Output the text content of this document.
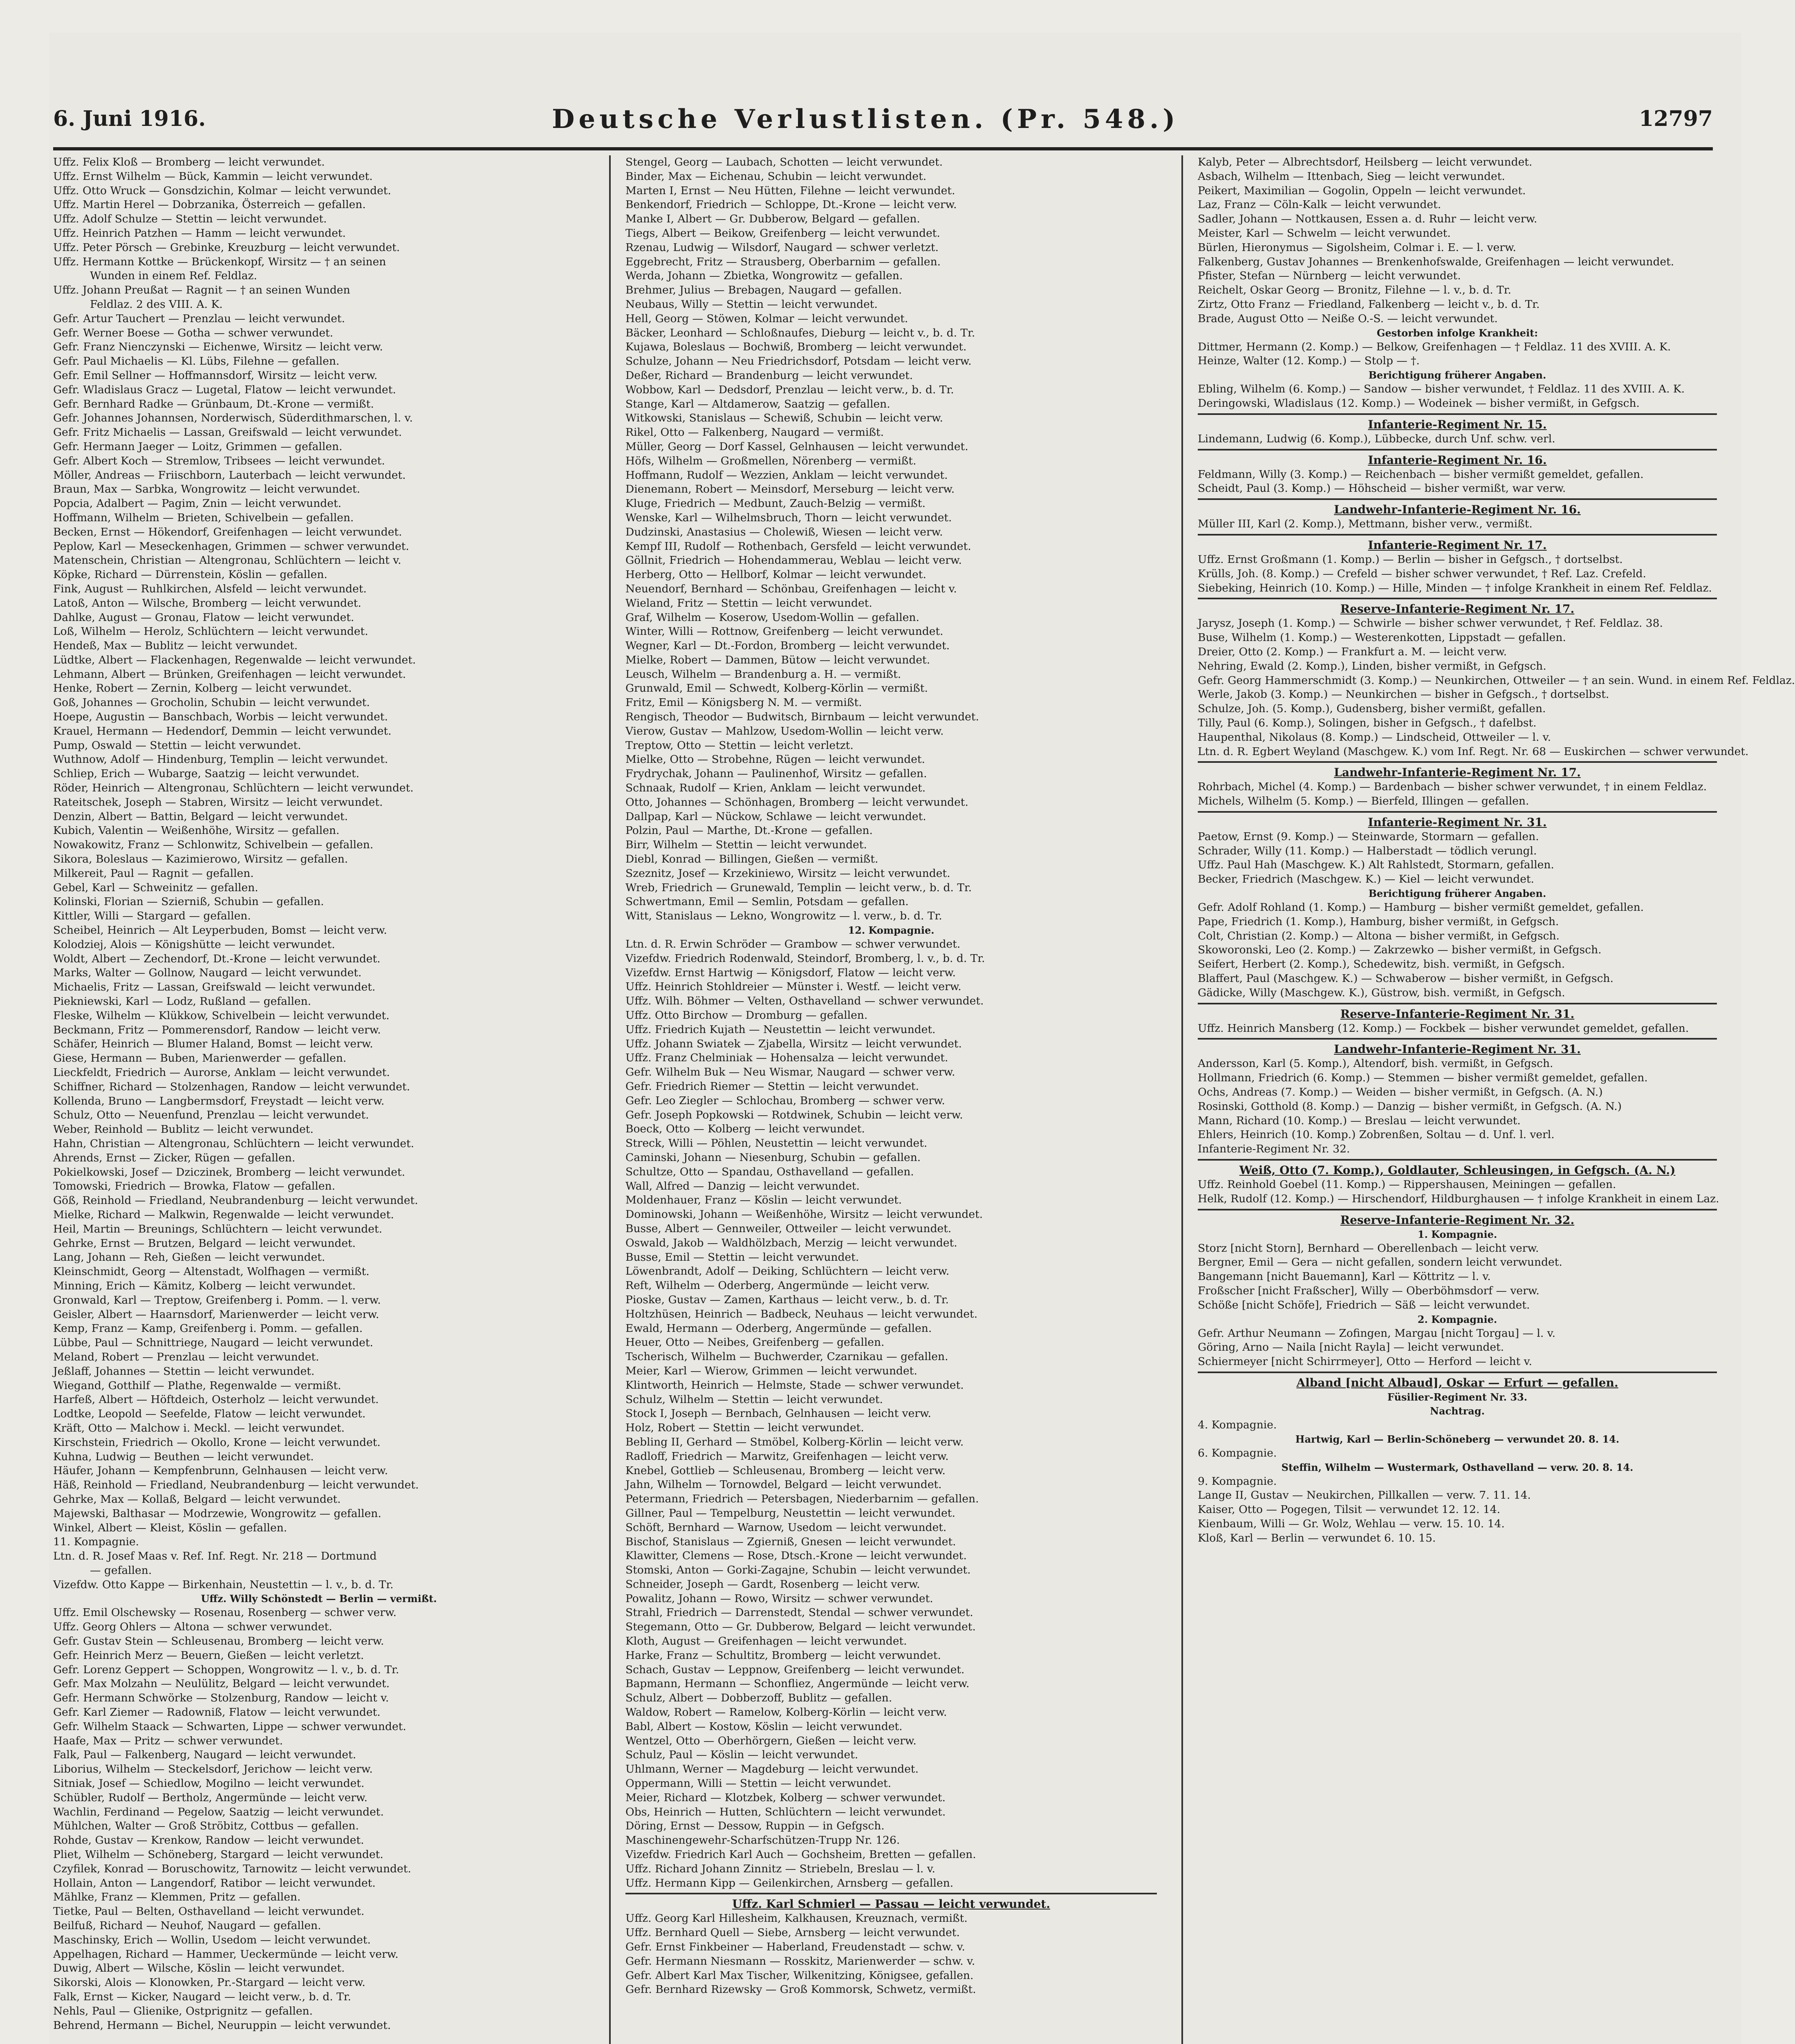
6. Juni 1916.	Deutsche Verlustlisten. (Pr. 548.)	12797
Uffz. Felix Kloß — Bromberg — leicht verwundet.
Uffz. Ernst Wilhelm — Bück, Kammin — leicht verwundet.
Uffz. Otto Wruck — Gonsdzichin, Kolmar — leicht verwundet.
Uffz. Martin Herel — Dobrzanika, Österreich — gefallen.
Uffz. Adolf Schulze — Stettin — leicht verwundet.
Uffz. Heinrich Patzhen — Hamm — leicht verwundet.
Uffz. Peter Pörsch — Grebinke, Kreuzburg — leicht verwundet.
Uffz. Hermann Kottke — Brückenkopf, Wirsitz — † an seinen
Wunden in einem Ref. Feldlaz.
Uffz. Johann Preußat — Ragnit — † an seinen Wunden
Feldlaz. 2 des VIII. A. K.
Gefr. Artur Tauchert — Prenzlau — leicht verwundet.
Gefr. Werner Boese — Gotha — schwer verwundet.
Gefr. Franz Nienczynski — Eichenwe, Wirsitz — leicht verw.
Gefr. Paul Michaelis — Kl. Lübs, Filehne — gefallen.
Gefr. Emil Sellner — Hoffmannsdorf, Wirsitz — leicht verw.
Gefr. Wladislaus Gracz — Lugetal, Flatow — leicht verwundet.
Gefr. Bernhard Radke — Grünbaum, Dt.-Krone — vermißt.
Gefr. Johannes Johannsen, Norderwisch, Süderdithmarschen, l. v.
Gefr. Fritz Michaelis — Lassan, Greifswald — leicht verwundet.
Gefr. Hermann Jaeger — Loitz, Grimmen — gefallen.
Gefr. Albert Koch — Stremlow, Tribsees — leicht verwundet.
Möller, Andreas — Friischborn, Lauterbach — leicht verwundet.
Braun, Max — Sarbka, Wongrowitz — leicht verwundet.
Popcia, Adalbert — Pagim, Znin — leicht verwundet.
Hoffmann, Wilhelm — Brieten, Schivelbein — gefallen.
Becken, Ernst — Hökendorf, Greifenhagen — leicht verwundet.
Peplow, Karl — Meseckenhagen, Grimmen — schwer verwundet.
Matenschein, Christian — Altengronau, Schlüchtern — leicht v.
Köpke, Richard — Dürrenstein, Köslin — gefallen.
Fink, August — Ruhlkirchen, Alsfeld — leicht verwundet.
Latoß, Anton — Wilsche, Bromberg — leicht verwundet.
Dahlke, August — Gronau, Flatow — leicht verwundet.
Loß, Wilhelm — Herolz, Schlüchtern — leicht verwundet.
Hendeß, Max — Bublitz — leicht verwundet.
Lüdtke, Albert — Flackenhagen, Regenwalde — leicht verwundet.
Lehmann, Albert — Brünken, Greifenhagen — leicht verwundet.
Henke, Robert — Zernin, Kolberg — leicht verwundet.
Goß, Johannes — Grocholin, Schubin — leicht verwundet.
Hoepe, Augustin — Banschbach, Worbis — leicht verwundet.
Krauel, Hermann — Hedendorf, Demmin — leicht verwundet.
Pump, Oswald — Stettin — leicht verwundet.
Wuthnow, Adolf — Hindenburg, Templin — leicht verwundet.
Schliep, Erich — Wubarge, Saatzig — leicht verwundet.
Röder, Heinrich — Altengronau, Schlüchtern — leicht verwundet.
Rateitschek, Joseph — Stabren, Wirsitz — leicht verwundet.
Denzin, Albert — Battin, Belgard — leicht verwundet.
Kubich, Valentin — Weißenhöhe, Wirsitz — gefallen.
Nowakowitz, Franz — Schlonwitz, Schivelbein — gefallen.
Sikora, Boleslaus — Kazimierowo, Wirsitz — gefallen.
Milkereit, Paul — Ragnit — gefallen.
Gebel, Karl — Schweinitz — gefallen.
Kolinski, Florian — Szierniß, Schubin — gefallen.
Kittler, Willi — Stargard — gefallen.
Scheibel, Heinrich — Alt Leyperbuden, Bomst — leicht verw.
Kolodziej, Alois — Königshütte — leicht verwundet.
Woldt, Albert — Zechendorf, Dt.-Krone — leicht verwundet.
Marks, Walter — Gollnow, Naugard — leicht verwundet.
Michaelis, Fritz — Lassan, Greifswald — leicht verwundet.
Piekniewski, Karl — Lodz, Rußland — gefallen.
Fleske, Wilhelm — Klükkow, Schivelbein — leicht verwundet.
Beckmann, Fritz — Pommerensdorf, Randow — leicht verw.
Schäfer, Heinrich — Blumer Haland, Bomst — leicht verw.
Giese, Hermann — Buben, Marienwerder — gefallen.
Lieckfeldt, Friedrich — Aurorse, Anklam — leicht verwundet.
Schiffner, Richard — Stolzenhagen, Randow — leicht verwundet.
Kollenda, Bruno — Langbermsdorf, Freystadt — leicht verw.
Schulz, Otto — Neuenfund, Prenzlau — leicht verwundet.
Weber, Reinhold — Bublitz — leicht verwundet.
Hahn, Christian — Altengronau, Schlüchtern — leicht verwundet.
Ahrends, Ernst — Zicker, Rügen — gefallen.
Pokielkowski, Josef — Dziczinek, Bromberg — leicht verwundet.
Tomowski, Friedrich — Browka, Flatow — gefallen.
Göß, Reinhold — Friedland, Neubrandenburg — leicht verwundet.
Mielke, Richard — Malkwin, Regenwalde — leicht verwundet.
Heil, Martin — Breunings, Schlüchtern — leicht verwundet.
Gehrke, Ernst — Brutzen, Belgard — leicht verwundet.
Lang, Johann — Reh, Gießen — leicht verwundet.
Kleinschmidt, Georg — Altenstadt, Wolfhagen — vermißt.
Minning, Erich — Kämitz, Kolberg — leicht verwundet.
Gronwald, Karl — Treptow, Greifenberg i. Pomm. — l. verw.
Geisler, Albert — Haarnsdorf, Marienwerder — leicht verw.
Kemp, Franz — Kamp, Greifenberg i. Pomm. — gefallen.
Lübbe, Paul — Schnittriege, Naugard — leicht verwundet.
Meland, Robert — Prenzlau — leicht verwundet.
Jeßlaff, Johannes — Stettin — leicht verwundet.
Wiegand, Gotthilf — Plathe, Regenwalde — vermißt.
Harfeß, Albert — Höftdeich, Osterholz — leicht verwundet.
Lodtke, Leopold — Seefelde, Flatow — leicht verwundet.
Kräft, Otto — Malchow i. Meckl. — leicht verwundet.
Kirschstein, Friedrich — Okollo, Krone — leicht verwundet.
Kuhna, Ludwig — Beuthen — leicht verwundet.
Häufer, Johann — Kempfenbrunn, Gelnhausen — leicht verw.
Häß, Reinhold — Friedland, Neubrandenburg — leicht verwundet.
Gehrke, Max — Kollaß, Belgard — leicht verwundet.
Majewski, Balthasar — Modrzewie, Wongrowitz — gefallen.
Winkel, Albert — Kleist, Köslin — gefallen.
11. Kompagnie.
Ltn. d. R. Josef Maas v. Ref. Inf. Regt. Nr. 218 — Dortmund
— gefallen.
Vizefdw. Otto Kappe — Birkenhain, Neustettin — l. v., b. d. Tr.
Uffz. Willy Schönstedt — Berlin — vermißt.
Uffz. Emil Olschewsky — Rosenau, Rosenberg — schwer verw.
Uffz. Georg Ohlers — Altona — schwer verwundet.
Gefr. Gustav Stein — Schleusenau, Bromberg — leicht verw.
Gefr. Heinrich Merz — Beuern, Gießen — leicht verletzt.
Gefr. Lorenz Geppert — Schoppen, Wongrowitz — l. v., b. d. Tr.
Gefr. Max Molzahn — Neulülitz, Belgard — leicht verwundet.
Gefr. Hermann Schwörke — Stolzenburg, Randow — leicht v.
Gefr. Karl Ziemer — Radowniß, Flatow — leicht verwundet.
Gefr. Wilhelm Staack — Schwarten, Lippe — schwer verwundet.
Haafe, Max — Pritz — schwer verwundet.
Falk, Paul — Falkenberg, Naugard — leicht verwundet.
Liborius, Wilhelm — Steckelsdorf, Jerichow — leicht verw.
Sitniak, Josef — Schiedlow, Mogilno — leicht verwundet.
Schübler, Rudolf — Bertholz, Angermünde — leicht verw.
Wachlin, Ferdinand — Pegelow, Saatzig — leicht verwundet.
Mühlchen, Walter — Groß Ströbitz, Cottbus — gefallen.
Rohde, Gustav — Krenkow, Randow — leicht verwundet.
Pliet, Wilhelm — Schöneberg, Stargard — leicht verwundet.
Czyfilek, Konrad — Boruschowitz, Tarnowitz — leicht verwundet.
Hollain, Anton — Langendorf, Ratibor — leicht verwundet.
Mählke, Franz — Klemmen, Pritz — gefallen.
Tietke, Paul — Belten, Osthavelland — leicht verwundet.
Beilfuß, Richard — Neuhof, Naugard — gefallen.
Maschinsky, Erich — Wollin, Usedom — leicht verwundet.
Appelhagen, Richard — Hammer, Ueckermünde — leicht verw.
Duwig, Albert — Wilsche, Köslin — leicht verwundet.
Sikorski, Alois — Klonowken, Pr.-Stargard — leicht verw.
Falk, Ernst — Kicker, Naugard — leicht verw., b. d. Tr.
Nehls, Paul — Glienike, Ostprignitz — gefallen.
Behrend, Hermann — Bichel, Neuruppin — leicht verwundet.
Stengel, Georg — Laubach, Schotten — leicht verwundet.
Binder, Max — Eichenau, Schubin — leicht verwundet.
Marten I, Ernst — Neu Hütten, Filehne — leicht verwundet.
Benkendorf, Friedrich — Schloppe, Dt.-Krone — leicht verw.
Manke I, Albert — Gr. Dubberow, Belgard — gefallen.
Tiegs, Albert — Beikow, Greifenberg — leicht verwundet.
Rzenau, Ludwig — Wilsdorf, Naugard — schwer verletzt.
Eggebrecht, Fritz — Strausberg, Oberbarnim — gefallen.
Werda, Johann — Zbietka, Wongrowitz — gefallen.
Brehmer, Julius — Brebagen, Naugard — gefallen.
Neubaus, Willy — Stettin — leicht verwundet.
Hell, Georg — Stöwen, Kolmar — leicht verwundet.
Bäcker, Leonhard — Schloßnaufes, Dieburg — leicht v., b. d. Tr.
Kujawa, Boleslaus — Bochwiß, Bromberg — leicht verwundet.
Schulze, Johann — Neu Friedrichsdorf, Potsdam — leicht verw.
Deßer, Richard — Brandenburg — leicht verwundet.
Wobbow, Karl — Dedsdorf, Prenzlau — leicht verw., b. d. Tr.
Stange, Karl — Altdamerow, Saatzig — gefallen.
Witkowski, Stanislaus — Schewiß, Schubin — leicht verw.
Rikel, Otto — Falkenberg, Naugard — vermißt.
Müller, Georg — Dorf Kassel, Gelnhausen — leicht verwundet.
Höfs, Wilhelm — Großmellen, Nörenberg — vermißt.
Hoffmann, Rudolf — Wezzien, Anklam — leicht verwundet.
Dienemann, Robert — Meinsdorf, Merseburg — leicht verw.
Kluge, Friedrich — Medbunt, Zauch-Belzig — vermißt.
Wenske, Karl — Wilhelmsbruch, Thorn — leicht verwundet.
Dudzinski, Anastasius — Cholewiß, Wiesen — leicht verw.
Kempf III, Rudolf — Rothenbach, Gersfeld — leicht verwundet.
Göllnit, Friedrich — Hohendammerau, Weblau — leicht verw.
Herberg, Otto — Hellborf, Kolmar — leicht verwundet.
Neuendorf, Bernhard — Schönbau, Greifenhagen — leicht v.
Wieland, Fritz — Stettin — leicht verwundet.
Graf, Wilhelm — Koserow, Usedom-Wollin — gefallen.
Winter, Willi — Rottnow, Greifenberg — leicht verwundet.
Wegner, Karl — Dt.-Fordon, Bromberg — leicht verwundet.
Mielke, Robert — Dammen, Bütow — leicht verwundet.
Leusch, Wilhelm — Brandenburg a. H. — vermißt.
Grunwald, Emil — Schwedt, Kolberg-Körlin — vermißt.
Fritz, Emil — Königsberg N. M. — vermißt.
Rengisch, Theodor — Budwitsch, Birnbaum — leicht verwundet.
Vierow, Gustav — Mahlzow, Usedom-Wollin — leicht verw.
Treptow, Otto — Stettin — leicht verletzt.
Mielke, Otto — Strobehne, Rügen — leicht verwundet.
Frydrychak, Johann — Paulinenhof, Wirsitz — gefallen.
Schnaak, Rudolf — Krien, Anklam — leicht verwundet.
Otto, Johannes — Schönhagen, Bromberg — leicht verwundet.
Dallpap, Karl — Nückow, Schlawe — leicht verwundet.
Polzin, Paul — Marthe, Dt.-Krone — gefallen.
Birr, Wilhelm — Stettin — leicht verwundet.
Diebl, Konrad — Billingen, Gießen — vermißt.
Szeznitz, Josef — Krzekiniewo, Wirsitz — leicht verwundet.
Wreb, Friedrich — Grunewald, Templin — leicht verw., b. d. Tr.
Schwertmann, Emil — Semlin, Potsdam — gefallen.
Witt, Stanislaus — Lekno, Wongrowitz — l. verw., b. d. Tr.
12. Kompagnie.
Ltn. d. R. Erwin Schröder — Grambow — schwer verwundet.
Vizefdw. Friedrich Rodenwald, Steindorf, Bromberg, l. v., b. d. Tr.
Vizefdw. Ernst Hartwig — Königsdorf, Flatow — leicht verw.
Uffz. Heinrich Stohldreier — Münster i. Westf. — leicht verw.
Uffz. Wilh. Böhmer — Velten, Osthavelland — schwer verwundet.
Uffz. Otto Birchow — Dromburg — gefallen.
Uffz. Friedrich Kujath — Neustettin — leicht verwundet.
Uffz. Johann Swiatek — Zjabella, Wirsitz — leicht verwundet.
Uffz. Franz Chelminiak — Hohensalza — leicht verwundet.
Gefr. Wilhelm Buk — Neu Wismar, Naugard — schwer verw.
Gefr. Friedrich Riemer — Stettin — leicht verwundet.
Gefr. Leo Ziegler — Schlochau, Bromberg — schwer verw.
Gefr. Joseph Popkowski — Rotdwinek, Schubin — leicht verw.
Boeck, Otto — Kolberg — leicht verwundet.
Streck, Willi — Pöhlen, Neustettin — leicht verwundet.
Caminski, Johann — Niesenburg, Schubin — gefallen.
Schultze, Otto — Spandau, Osthavelland — gefallen.
Wall, Alfred — Danzig — leicht verwundet.
Moldenhauer, Franz — Köslin — leicht verwundet.
Dominowski, Johann — Weißenhöhe, Wirsitz — leicht verwundet.
Busse, Albert — Gennweiler, Ottweiler — leicht verwundet.
Oswald, Jakob — Waldhölzbach, Merzig — leicht verwundet.
Busse, Emil — Stettin — leicht verwundet.
Löwenbrandt, Adolf — Deiking, Schlüchtern — leicht verw.
Reft, Wilhelm — Oderberg, Angermünde — leicht verw.
Pioske, Gustav — Zamen, Karthaus — leicht verw., b. d. Tr.
Holtzhüsen, Heinrich — Badbeck, Neuhaus — leicht verwundet.
Ewald, Hermann — Oderberg, Angermünde — gefallen.
Heuer, Otto — Neibes, Greifenberg — gefallen.
Tscherisch, Wilhelm — Buchwerder, Czarnikau — gefallen.
Meier, Karl — Wierow, Grimmen — leicht verwundet.
Klintworth, Heinrich — Helmste, Stade — schwer verwundet.
Schulz, Wilhelm — Stettin — leicht verwundet.
Stock I, Joseph — Bernbach, Gelnhausen — leicht verw.
Holz, Robert — Stettin — leicht verwundet.
Bebling II, Gerhard — Stmöbel, Kolberg-Körlin — leicht verw.
Radloff, Friedrich — Marwitz, Greifenhagen — leicht verw.
Knebel, Gottlieb — Schleusenau, Bromberg — leicht verw.
Jahn, Wilhelm — Tornowdel, Belgard — leicht verwundet.
Petermann, Friedrich — Petersbagen, Niederbarnim — gefallen.
Gillner, Paul — Tempelburg, Neustettin — leicht verwundet.
Schöft, Bernhard — Warnow, Usedom — leicht verwundet.
Bischof, Stanislaus — Zgierniß, Gnesen — leicht verwundet.
Klawitter, Clemens — Rose, Dtsch.-Krone — leicht verwundet.
Stomski, Anton — Gorki-Zagajne, Schubin — leicht verwundet.
Schneider, Joseph — Gardt, Rosenberg — leicht verw.
Powalitz, Johann — Rowo, Wirsitz — schwer verwundet.
Strahl, Friedrich — Darrenstedt, Stendal — schwer verwundet.
Stegemann, Otto — Gr. Dubberow, Belgard — leicht verwundet.
Kloth, August — Greifenhagen — leicht verwundet.
Harke, Franz — Schultitz, Bromberg — leicht verwundet.
Schach, Gustav — Leppnow, Greifenberg — leicht verwundet.
Bapmann, Hermann — Schonfliez, Angermünde — leicht verw.
Schulz, Albert — Dobberzoff, Bublitz — gefallen.
Waldow, Robert — Ramelow, Kolberg-Körlin — leicht verw.
Babl, Albert — Kostow, Köslin — leicht verwundet.
Wentzel, Otto — Oberhörgern, Gießen — leicht verw.
Schulz, Paul — Köslin — leicht verwundet.
Uhlmann, Werner — Magdeburg — leicht verwundet.
Oppermann, Willi — Stettin — leicht verwundet.
Meier, Richard — Klotzbek, Kolberg — schwer verwundet.
Obs, Heinrich — Hutten, Schlüchtern — leicht verwundet.
Döring, Ernst — Dessow, Ruppin — in Gefgsch.
Maschinengewehr-Scharfschützen-Trupp Nr. 126.
Vizefdw. Friedrich Karl Auch — Gochsheim, Bretten — gefallen.
Uffz. Richard Johann Zinnitz — Striebeln, Breslau — l. v.
Uffz. Hermann Kipp — Geilenkirchen, Arnsberg — gefallen.
Uffz. Karl Schmierl — Passau — leicht verwundet.
Uffz. Georg Karl Hillesheim, Kalkhausen, Kreuznach, vermißt.
Uffz. Bernhard Quell — Siebe, Arnsberg — leicht verwundet.
Gefr. Ernst Finkbeiner — Haberland, Freudenstadt — schw. v.
Gefr. Hermann Niesmann — Rosskitz, Marienwerder — schw. v.
Gefr. Albert Karl Max Tischer, Wilkenitzing, Königsee, gefallen.
Gefr. Bernhard Rizewsky — Groß Kommorsk, Schwetz, vermißt.
Kalyb, Peter — Albrechtsdorf, Heilsberg — leicht verwundet.
Asbach, Wilhelm — Ittenbach, Sieg — leicht verwundet.
Peikert, Maximilian — Gogolin, Oppeln — leicht verwundet.
Laz, Franz — Cöln-Kalk — leicht verwundet.
Sadler, Johann — Nottkausen, Essen a. d. Ruhr — leicht verw.
Meister, Karl — Schwelm — leicht verwundet.
Bürlen, Hieronymus — Sigolsheim, Colmar i. E. — l. verw.
Falkenberg, Gustav Johannes — Brenkenhofswalde, Greifenhagen — leicht verwundet.
Pfister, Stefan — Nürnberg — leicht verwundet.
Reichelt, Oskar Georg — Bronitz, Filehne — l. v., b. d. Tr.
Zirtz, Otto Franz — Friedland, Falkenberg — leicht v., b. d. Tr.
Brade, August Otto — Neiße O.-S. — leicht verwundet.
Gestorben infolge Krankheit:
Dittmer, Hermann (2. Komp.) — Belkow, Greifenhagen — † Feldlaz. 11 des XVIII. A. K.
Heinze, Walter (12. Komp.) — Stolp — †.
Berichtigung früherer Angaben.
Ebling, Wilhelm (6. Komp.) — Sandow — bisher verwundet, † Feldlaz. 11 des XVIII. A. K.
Deringowski, Wladislaus (12. Komp.) — Wodeinek — bisher vermißt, in Gefgsch.
Infanterie-Regiment Nr. 15.
Lindemann, Ludwig (6. Komp.), Lübbecke, durch Unf. schw. verl.
Infanterie-Regiment Nr. 16.
Feldmann, Willy (3. Komp.) — Reichenbach — bisher vermißt gemeldet, gefallen.
Scheidt, Paul (3. Komp.) — Höhscheid — bisher vermißt, war verw.
Landwehr-Infanterie-Regiment Nr. 16.
Müller III, Karl (2. Komp.), Mettmann, bisher verw., vermißt.
Infanterie-Regiment Nr. 17.
Uffz. Ernst Großmann (1. Komp.) — Berlin — bisher in Gefgsch., † dortselbst.
Krülls, Joh. (8. Komp.) — Crefeld — bisher schwer verwundet, † Ref. Laz. Crefeld.
Siebeking, Heinrich (10. Komp.) — Hille, Minden — † infolge Krankheit in einem Ref. Feldlaz.
Reserve-Infanterie-Regiment Nr. 17.
Jarysz, Joseph (1. Komp.) — Schwirle — bisher schwer verwundet, † Ref. Feldlaz. 38.
Buse, Wilhelm (1. Komp.) — Westerenkotten, Lippstadt — gefallen.
Dreier, Otto (2. Komp.) — Frankfurt a. M. — leicht verw.
Nehring, Ewald (2. Komp.), Linden, bisher vermißt, in Gefgsch.
Gefr. Georg Hammerschmidt (3. Komp.) — Neunkirchen, Ottweiler — † an sein. Wund. in einem Ref. Feldlaz.
Werle, Jakob (3. Komp.) — Neunkirchen — bisher in Gefgsch., † dortselbst.
Schulze, Joh. (5. Komp.), Gudensberg, bisher vermißt, gefallen.
Tilly, Paul (6. Komp.), Solingen, bisher in Gefgsch., † dafelbst.
Haupenthal, Nikolaus (8. Komp.) — Lindscheid, Ottweiler — l. v.
Ltn. d. R. Egbert Weyland (Maschgew. K.) vom Inf. Regt. Nr. 68 — Euskirchen — schwer verwundet.
Landwehr-Infanterie-Regiment Nr. 17.
Rohrbach, Michel (4. Komp.) — Bardenbach — bisher schwer verwundet, † in einem Feldlaz.
Michels, Wilhelm (5. Komp.) — Bierfeld, Illingen — gefallen.
Infanterie-Regiment Nr. 31.
Paetow, Ernst (9. Komp.) — Steinwarde, Stormarn — gefallen.
Schrader, Willy (11. Komp.) — Halberstadt — tödlich verungl.
Uffz. Paul Hah (Maschgew. K.) Alt Rahlstedt, Stormarn, gefallen.
Becker, Friedrich (Maschgew. K.) — Kiel — leicht verwundet.
Berichtigung früherer Angaben.
Gefr. Adolf Rohland (1. Komp.) — Hamburg — bisher vermißt gemeldet, gefallen.
Pape, Friedrich (1. Komp.), Hamburg, bisher vermißt, in Gefgsch.
Colt, Christian (2. Komp.) — Altona — bisher vermißt, in Gefgsch.
Skoworonski, Leo (2. Komp.) — Zakrzewko — bisher vermißt, in Gefgsch.
Seifert, Herbert (2. Komp.), Schedewitz, bish. vermißt, in Gefgsch.
Blaffert, Paul (Maschgew. K.) — Schwaberow — bisher vermißt, in Gefgsch.
Gädicke, Willy (Maschgew. K.), Güstrow, bish. vermißt, in Gefgsch.
Reserve-Infanterie-Regiment Nr. 31.
Uffz. Heinrich Mansberg (12. Komp.) — Fockbek — bisher verwundet gemeldet, gefallen.
Landwehr-Infanterie-Regiment Nr. 31.
Andersson, Karl (5. Komp.), Altendorf, bish. vermißt, in Gefgsch.
Hollmann, Friedrich (6. Komp.) — Stemmen — bisher vermißt gemeldet, gefallen.
Ochs, Andreas (7. Komp.) — Weiden — bisher vermißt, in Gefgsch. (A. N.)
Rosinski, Gotthold (8. Komp.) — Danzig — bisher vermißt, in Gefgsch. (A. N.)
Mann, Richard (10. Komp.) — Breslau — leicht verwundet.
Ehlers, Heinrich (10. Komp.) Zobrenßen, Soltau — d. Unf. l. verl.
Infanterie-Regiment Nr. 32.
Weiß, Otto (7. Komp.), Goldlauter, Schleusingen, in Gefgsch. (A. N.)
Uffz. Reinhold Goebel (11. Komp.) — Rippershausen, Meiningen — gefallen.
Helk, Rudolf (12. Komp.) — Hirschendorf, Hildburghausen — † infolge Krankheit in einem Laz.
Reserve-Infanterie-Regiment Nr. 32.
1. Kompagnie.
Storz [nicht Storn], Bernhard — Oberellenbach — leicht verw.
Bergner, Emil — Gera — nicht gefallen, sondern leicht verwundet.
Bangemann [nicht Bauemann], Karl — Köttritz — l. v.
Froßscher [nicht Fraßscher], Willy — Oberböhmsdorf — verw.
Schöße [nicht Schöfe], Friedrich — Säß — leicht verwundet.
2. Kompagnie.
Gefr. Arthur Neumann — Zofingen, Margau [nicht Torgau] — l. v.
Göring, Arno — Naila [nicht Rayla] — leicht verwundet.
Schiermeyer [nicht Schirrmeyer], Otto — Herford — leicht v.
Alband [nicht Albaud], Oskar — Erfurt — gefallen.
Füsilier-Regiment Nr. 33.
Nachtrag.
4. Kompagnie.
Hartwig, Karl — Berlin-Schöneberg — verwundet 20. 8. 14.
6. Kompagnie.
Steffin, Wilhelm — Wustermark, Osthavelland — verw. 20. 8. 14.
9. Kompagnie.
Lange II, Gustav — Neukirchen, Pillkallen — verw. 7. 11. 14.
Kaiser, Otto — Pogegen, Tilsit — verwundet 12. 12. 14.
Kienbaum, Willi — Gr. Wolz, Wehlau — verw. 15. 10. 14.
Kloß, Karl — Berlin — verwundet 6. 10. 15.
